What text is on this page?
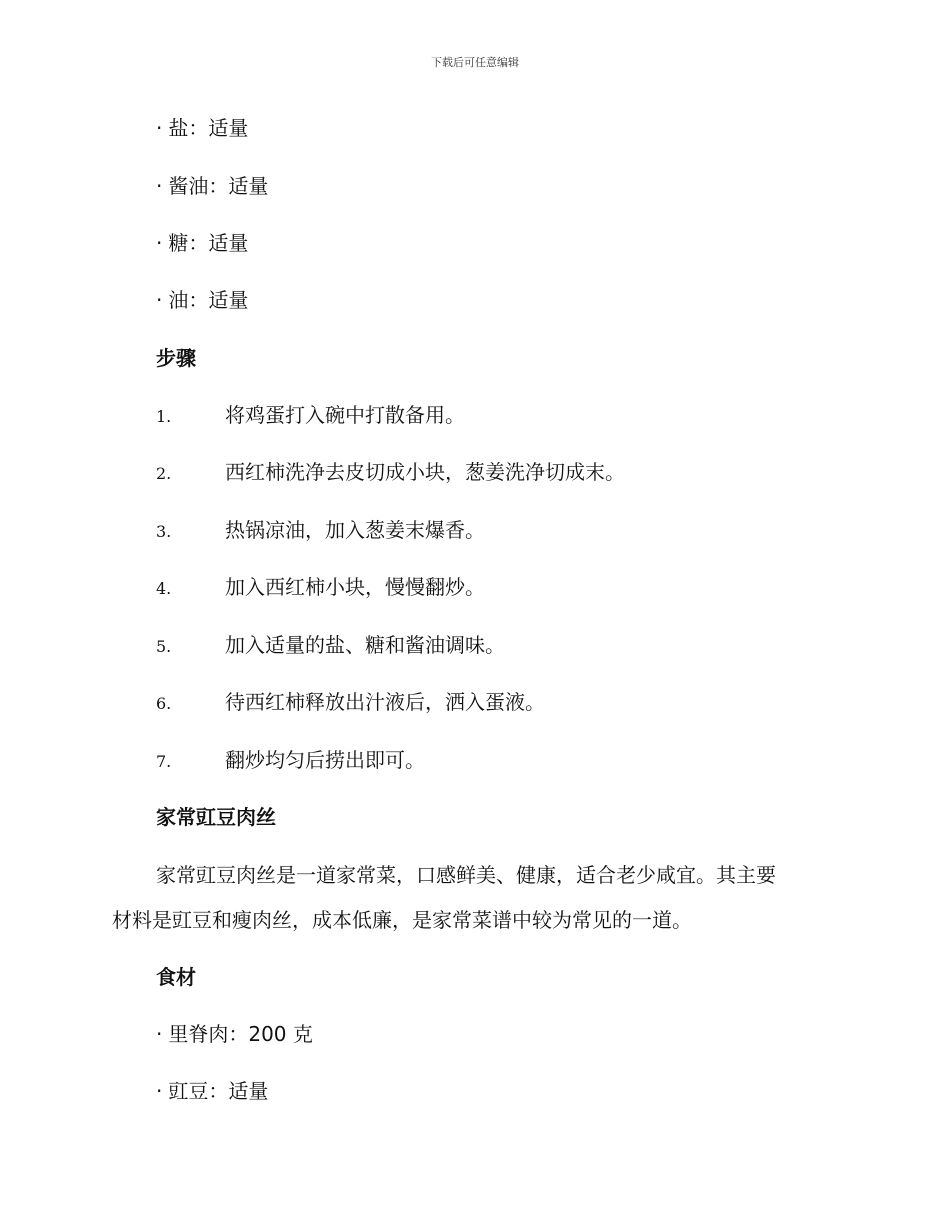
下载后可任意编辑
· 盐：适量
· 酱油：适量
· 糖：适量
· 油：适量
步骤
1.	将鸡蛋打入碗中打散备用。
2.	西红柿洗净去皮切成小块，葱姜洗净切成末。
3.	热锅凉油，加入葱姜末爆香。
4.	加入西红柿小块，慢慢翻炒。
5.	加入适量的盐、糖和酱油调味。
6.	待西红柿释放出汁液后，洒入蛋液。
7.	翻炒均匀后捞出即可。
家常豇豆肉丝
家常豇豆肉丝是一道家常菜，口感鲜美、健康，适合老少咸宜。其主要
材料是豇豆和瘦肉丝，成本低廉，是家常菜谱中较为常见的一道。
食材
· 里脊肉：200 克
· 豇豆：适量
